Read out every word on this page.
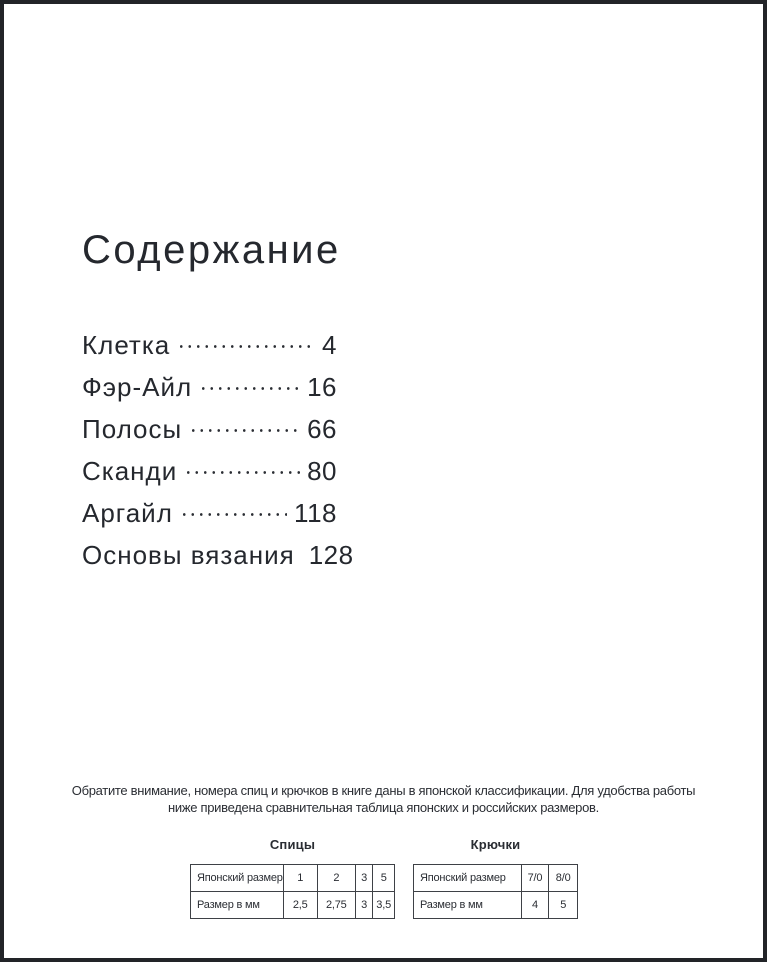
Содержание
Клетка	4
Фэр-Айл	16
Полосы	66
Сканди	80
Аргайл	118
Основы вязания 128
Обратите внимание, номера спиц и крючков в книге даны в японской классификации. Для удобства работы
ниже приведена сравнительная таблица японских и российских размеров.
Спицы
Японский размер	1	2	3	5
Размер в мм	2,5	2,75	3	3,5
Крючки
Японский размер	7/0	8/0
Размер в мм	4	5
